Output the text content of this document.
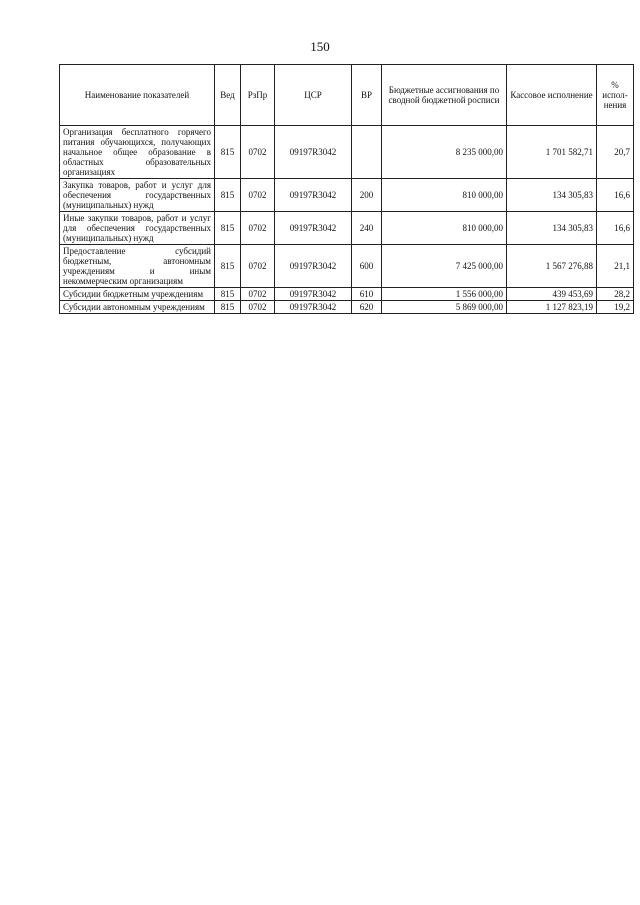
150
Наименование показателей	Вед	РзПр	ЦСР	ВР	Бюджетные ассигнования по сводной бюджетной росписи	Кассовое исполнение	% испол-нения
Организация бесплатного горячего питания обучающихся, получающих начальное общее образование в областных образовательных организациях	815	0702	09197R3042		8 235 000,00	1 701 582,71	20,7
Закупка товаров, работ и услуг для обеспечения государственных (муниципальных) нужд	815	0702	09197R3042	200	810 000,00	134 305,83	16,6
Иные закупки товаров, работ и услуг для обеспечения государственных (муниципальных) нужд	815	0702	09197R3042	240	810 000,00	134 305,83	16,6
Предоставление субсидий бюджетным, автономным учреждениям и иным некоммерческим организациям	815	0702	09197R3042	600	7 425 000,00	1 567 276,88	21,1
Субсидии бюджетным учреждениям	815	0702	09197R3042	610	1 556 000,00	439 453,69	28,2
Субсидии автономным учреждениям	815	0702	09197R3042	620	5 869 000,00	1 127 823,19	19,2
